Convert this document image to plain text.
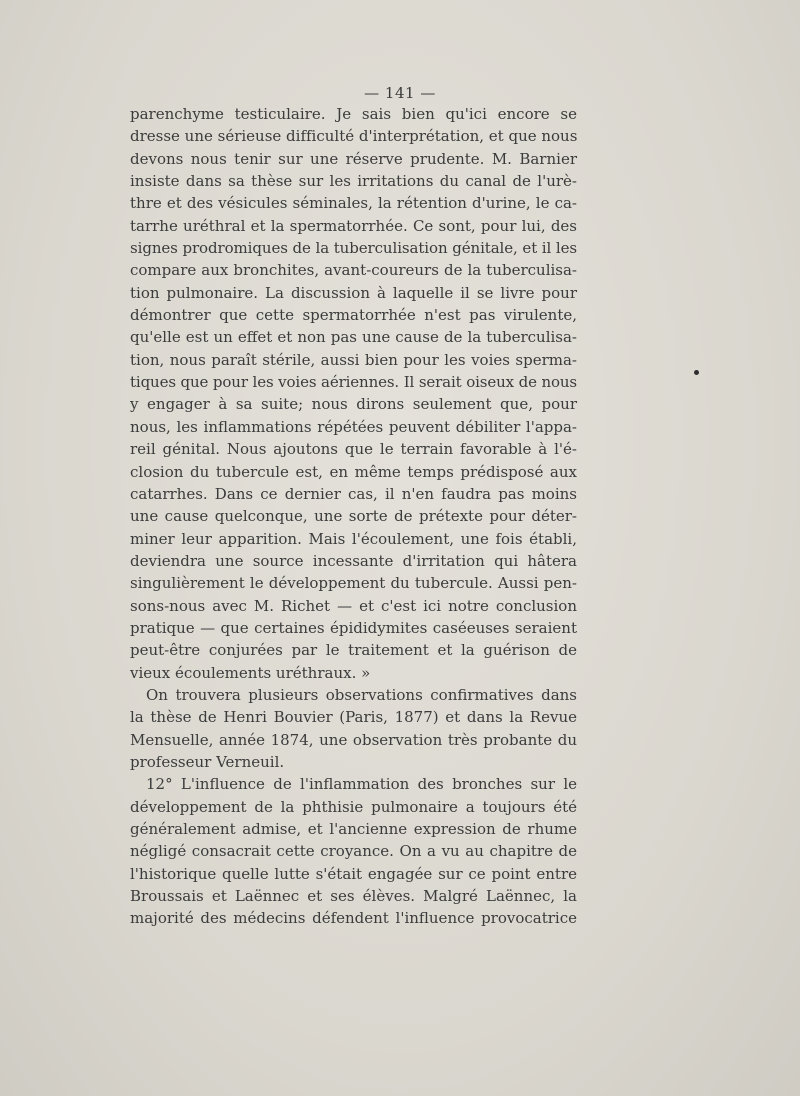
— 141 —
parenchyme testiculaire. Je sais bien qu'ici encore se
dresse une sérieuse difficulté d'interprétation, et que nous
devons nous tenir sur une réserve prudente. M. Barnier
insiste dans sa thèse sur les irritations du canal de l'urè-
thre et des vésicules séminales, la rétention d'urine, le ca-
tarrhe uréthral et la spermatorrhée. Ce sont, pour lui, des
signes prodromiques de la tuberculisation génitale, et il les
compare aux bronchites, avant-coureurs de la tuberculisa-
tion pulmonaire. La discussion à laquelle il se livre pour
démontrer que cette spermatorrhée n'est pas virulente,
qu'elle est un effet et non pas une cause de la tuberculisa-
tion, nous paraît stérile, aussi bien pour les voies sperma-
tiques que pour les voies aériennes. Il serait oiseux de nous
y engager à sa suite; nous dirons seulement que, pour
nous, les inflammations répétées peuvent débiliter l'appa-
reil génital. Nous ajoutons que le terrain favorable à l'é-
closion du tubercule est, en même temps prédisposé aux
catarrhes. Dans ce dernier cas, il n'en faudra pas moins
une cause quelconque, une sorte de prétexte pour déter-
miner leur apparition. Mais l'écoulement, une fois établi,
deviendra une source incessante d'irritation qui hâtera
singulièrement le développement du tubercule. Aussi pen-
sons-nous avec M. Richet — et c'est ici notre conclusion
pratique — que certaines épididymites caséeuses seraient
peut-être conjurées par le traitement et la guérison de
vieux écoulements uréthraux. »
On trouvera plusieurs observations confirmatives dans
la thèse de Henri Bouvier (Paris, 1877) et dans la Revue
Mensuelle, année 1874, une observation très probante du
professeur Verneuil.
12° L'influence de l'inflammation des bronches sur le
développement de la phthisie pulmonaire a toujours été
généralement admise, et l'ancienne expression de rhume
négligé consacrait cette croyance. On a vu au chapitre de
l'historique quelle lutte s'était engagée sur ce point entre
Broussais et Laënnec et ses élèves. Malgré Laënnec, la
majorité des médecins défendent l'influence provocatrice
